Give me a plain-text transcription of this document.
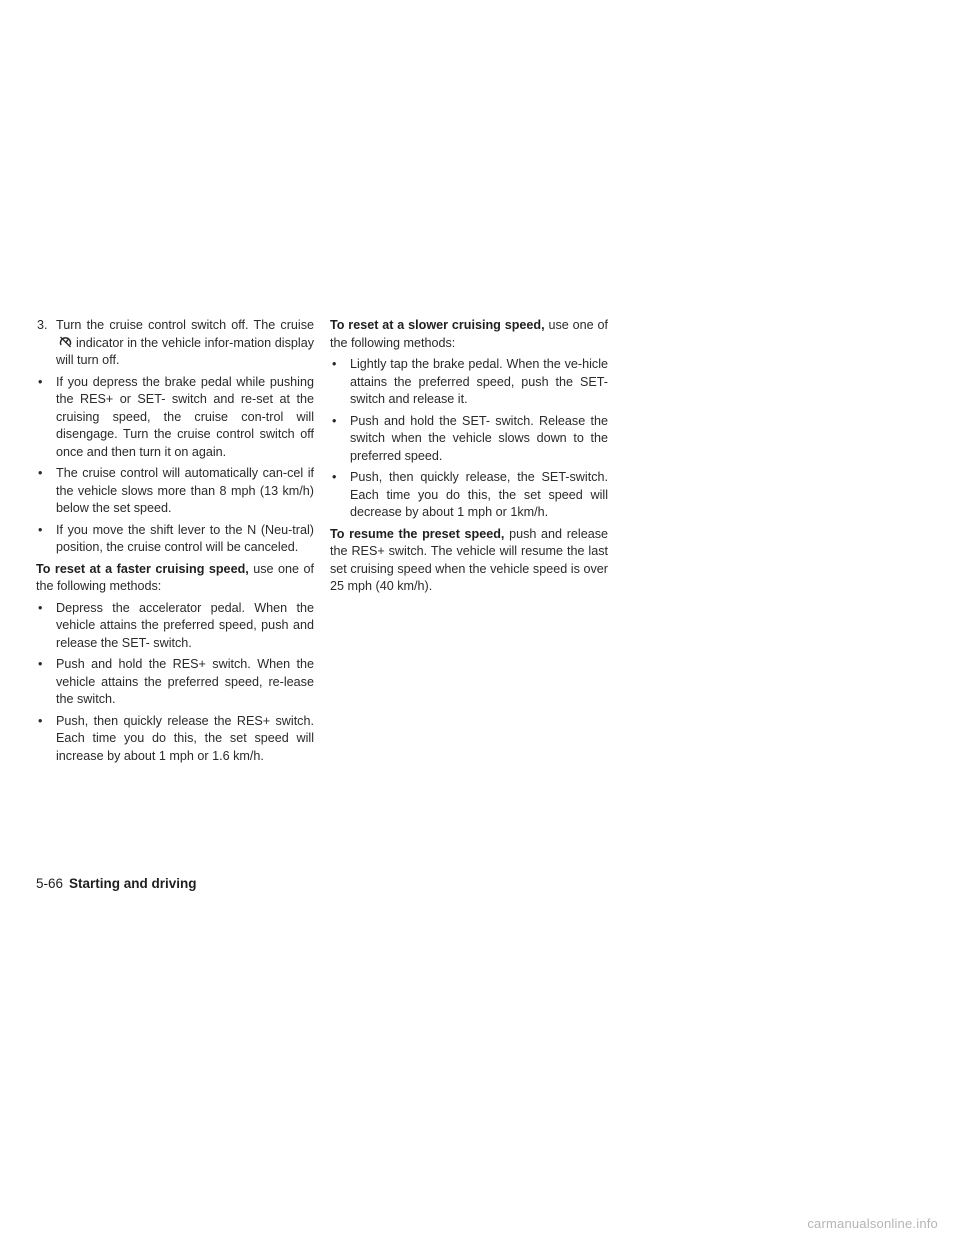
3. Turn the cruise control switch off. The cruiseindicator in the vehicle infor-mation display will turn off.
• If you depress the brake pedal while pushing the RES+ or SET- switch and re-set at the cruising speed, the cruise con-trol will disengage. Turn the cruise control switch off once and then turn it on again.
• The cruise control will automatically can-cel if the vehicle slows more than 8 mph (13 km/h) below the set speed.
• If you move the shift lever to the N (Neu-tral) position, the cruise control will be canceled.

To reset at a faster cruising speed, use one of the following methods:

• Depress the accelerator pedal. When the vehicle attains the preferred speed, push and release the SET- switch.
• Push and hold the RES+ switch. When the vehicle attains the preferred speed, re-lease the switch.
• Push, then quickly release the RES+ switch. Each time you do this, the set speed will increase by about 1 mph or 1.6 km/h.

To reset at a slower cruising speed, use one of the following methods:

• Lightly tap the brake pedal. When the ve-hicle attains the preferred speed, push the SET- switch and release it.
• Push and hold the SET- switch. Release the switch when the vehicle slows down to the preferred speed.
• Push, then quickly release, the SET-switch. Each time you do this, the set speed will decrease by about 1 mph or 1km/h.

To resume the preset speed, push and release the RES+ switch. The vehicle will resume the last set cruising speed when the vehicle speed is over 25 mph (40 km/h).

5-66 Starting and driving
carmanualsonline.info
